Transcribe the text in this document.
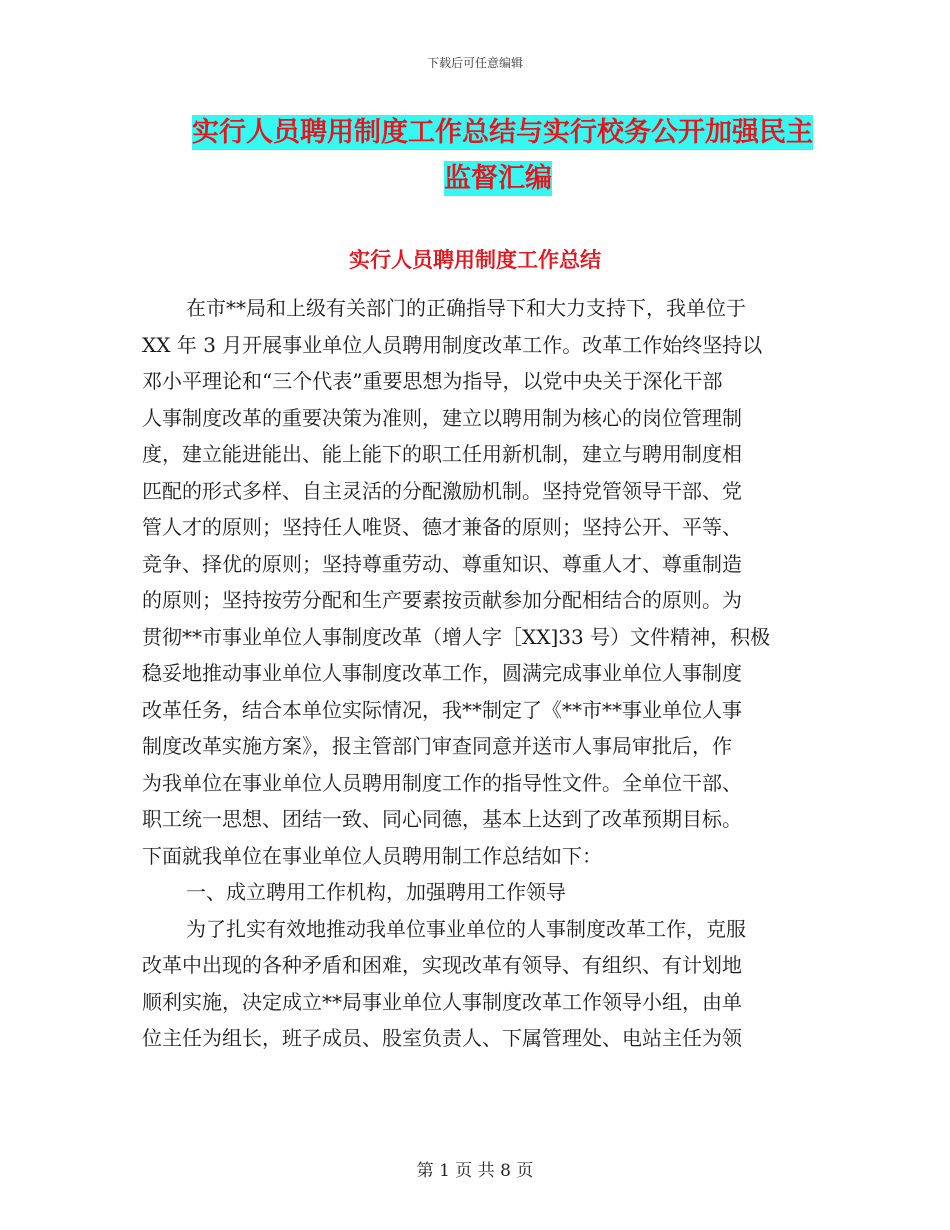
下载后可任意编辑
实行人员聘用制度工作总结与实行校务公开加强民主
监督汇编
实行人员聘用制度工作总结
在市**局和上级有关部门的正确指导下和大力支持下，我单位于
XX 年 3 月开展事业单位人员聘用制度改革工作。改革工作始终坚持以
邓小平理论和“三个代表”重要思想为指导，以党中央关于深化干部
人事制度改革的重要决策为准则，建立以聘用制为核心的岗位管理制
度，建立能进能出、能上能下的职工任用新机制，建立与聘用制度相
匹配的形式多样、自主灵活的分配激励机制。坚持党管领导干部、党
管人才的原则；坚持任人唯贤、德才兼备的原则；坚持公开、平等、
竞争、择优的原则；坚持尊重劳动、尊重知识、尊重人才、尊重制造
的原则；坚持按劳分配和生产要素按贡献参加分配相结合的原则。为
贯彻**市事业单位人事制度改革（增人字［XX]33 号）文件精神，积极
稳妥地推动事业单位人事制度改革工作，圆满完成事业单位人事制度
改革任务，结合本单位实际情况，我**制定了《**市**事业单位人事
制度改革实施方案》，报主管部门审查同意并送市人事局审批后，作
为我单位在事业单位人员聘用制度工作的指导性文件。全单位干部、
职工统一思想、团结一致、同心同德，基本上达到了改革预期目标。
下面就我单位在事业单位人员聘用制工作总结如下：
一、成立聘用工作机构，加强聘用工作领导
为了扎实有效地推动我单位事业单位的人事制度改革工作，克服
改革中出现的各种矛盾和困难，实现改革有领导、有组织、有计划地
顺利实施，决定成立**局事业单位人事制度改革工作领导小组，由单
位主任为组长，班子成员、股室负责人、下属管理处、电站主任为领
第 1 页 共 8 页
